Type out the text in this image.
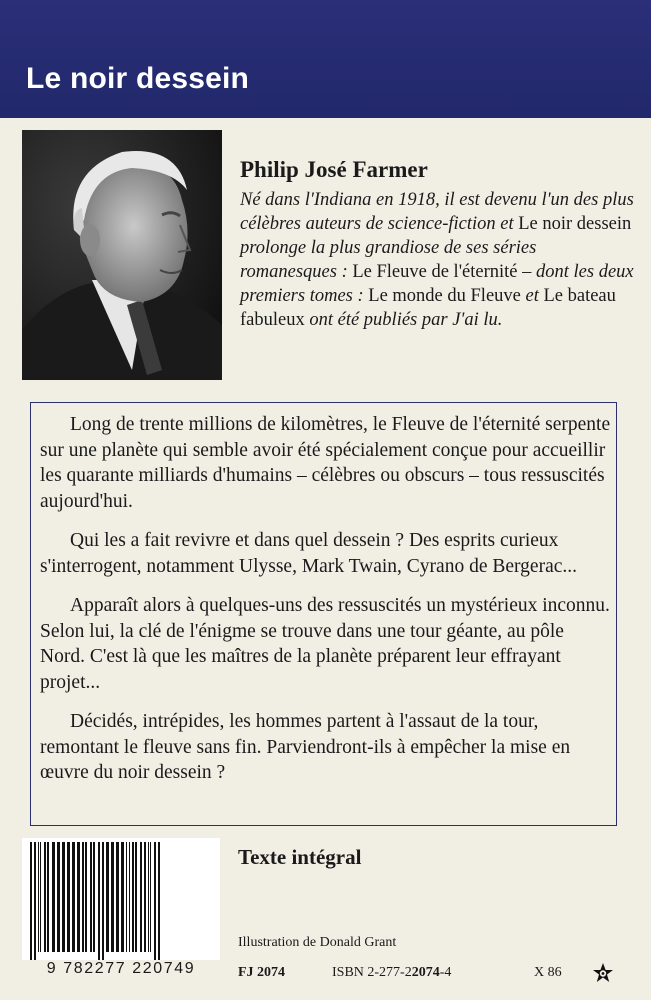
Le noir dessein
Philip José Farmer
Né dans l'Indiana en 1918, il est devenu l'un des plus célèbres auteurs de science-fiction et Le noir dessein prolonge la plus grandiose de ses séries romanesques : Le Fleuve de l'éternité – dont les deux premiers tomes : Le monde du Fleuve et Le bateau fabuleux ont été publiés par J'ai lu.

Long de trente millions de kilomètres, le Fleuve de l'éternité serpente sur une planète qui semble avoir été spécialement conçue pour accueillir les quarante milliards d'humains – célèbres ou obscurs – tous ressuscités aujourd'hui.

Qui les a fait revivre et dans quel dessein ? Des esprits curieux s'interrogent, notamment Ulysse, Mark Twain, Cyrano de Bergerac...

Apparaît alors à quelques-uns des ressuscités un mystérieux inconnu. Selon lui, la clé de l'énigme se trouve dans une tour géante, au pôle Nord. C'est là que les maîtres de la planète préparent leur effrayant projet...

Décidés, intrépides, les hommes partent à l'assaut de la tour, remontant le fleuve sans fin. Parviendront-ils à empêcher la mise en œuvre du noir dessein ?

9 782277 220749
Texte intégral
Illustration de Donald Grant
FJ 2074	ISBN 2-277-22074-4	X 86
